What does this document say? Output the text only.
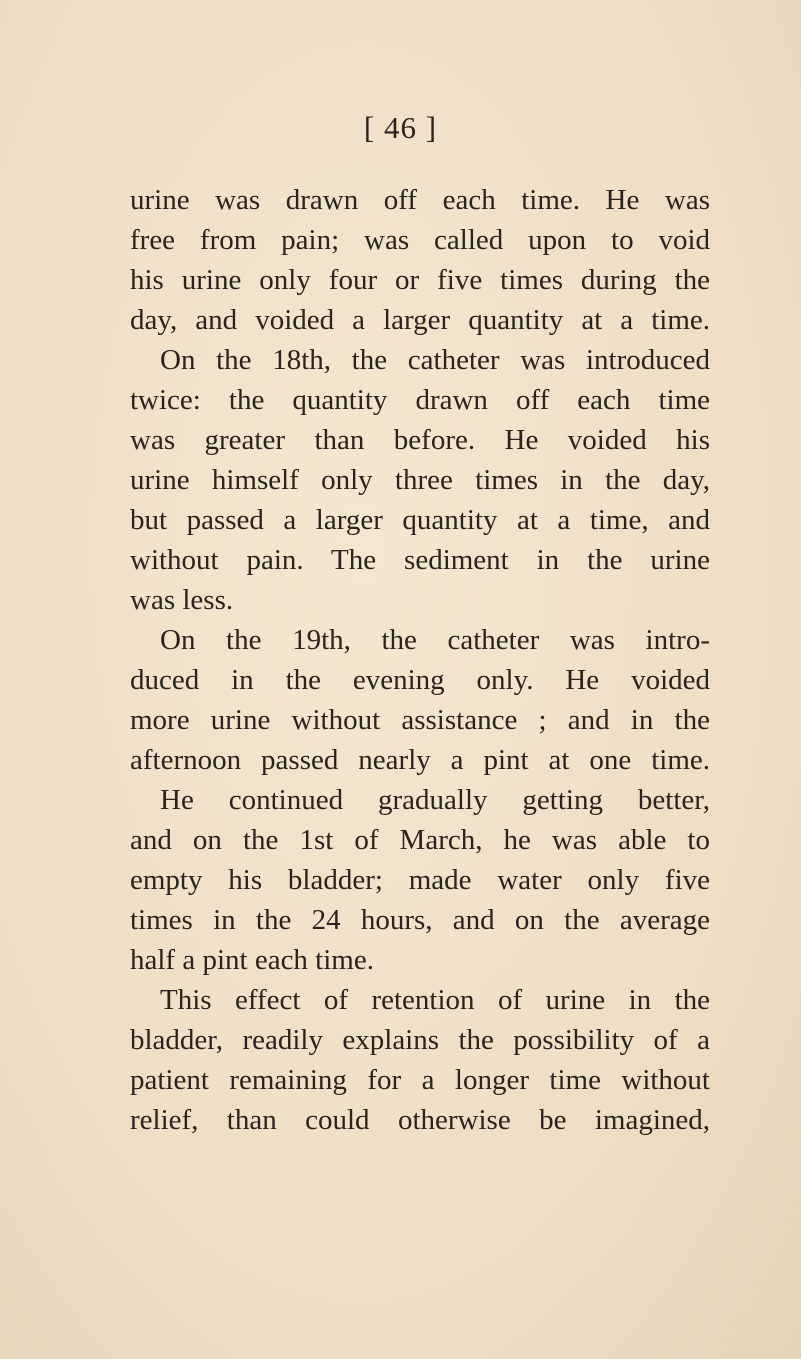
[ 46 ]
urine was drawn off each time. He was
free from pain; was called upon to void
his urine only four or five times during the
day, and voided a larger quantity at a time.
On the 18th, the catheter was introduced
twice: the quantity drawn off each time
was greater than before. He voided his
urine himself only three times in the day,
but passed a larger quantity at a time, and
without pain. The sediment in the urine
was less.
On the 19th, the catheter was intro-
duced in the evening only. He voided
more urine without assistance ; and in the
afternoon passed nearly a pint at one time.
He continued gradually getting better,
and on the 1st of March, he was able to
empty his bladder; made water only five
times in the 24 hours, and on the average
half a pint each time.
This effect of retention of urine in the
bladder, readily explains the possibility of a
patient remaining for a longer time without
relief, than could otherwise be imagined,
